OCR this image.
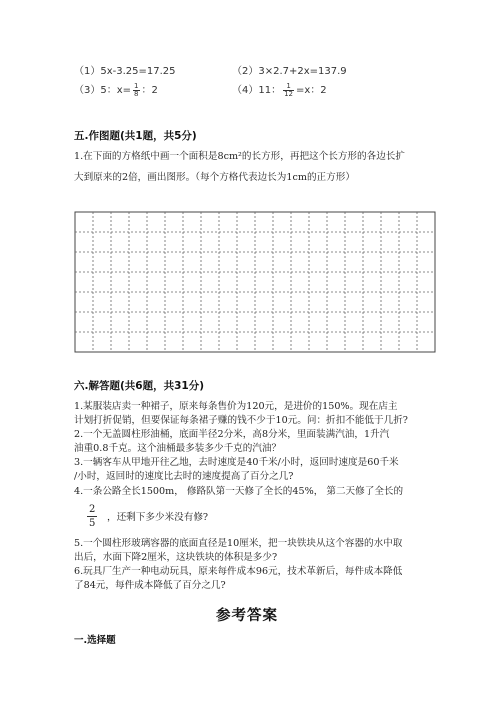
（1）5x-3.25=17.25	（2）3×2.7+2x=137.9
（3）5：$x= \frac{1}{8}$ ：2	（4）11： $\frac{1}{12} =x$：2
五.作图题(共1题，共5分)
1.在下面的方格纸中画一个面积是8cm²的长方形，再把这个长方形的各边长扩
大到原来的2倍，画出图形。（每个方格代表边长为1cm的正方形）
六.解答题(共6题，共31分)
1.某服装店卖一种裙子，原来每条售价为120元，是进价的150%。现在店主
计划打折促销，但要保证每条裙子赚的钱不少于10元。问：折扣不能低于几折?
2.一个无盖圆柱形油桶，底面半径2分米，高8分米，里面装满汽油，1升汽
油重0.8千克。这个油桶最多装多少千克的汽油？
3.一辆客车从甲地开往乙地，去时速度是40千米/小时，返回时速度是60千米
/小时，返回时的速度比去时的速度提高了百分之几?
4.一条公路全长1500m， 修路队第一天修了全长的45%， 第二天修了全长的
$\frac{2}{5}$ ，还剩下多少米没有修?
5.一个圆柱形玻璃容器的底面直径是10厘米，把一块铁块从这个容器的水中取
出后，水面下降2厘米，这块铁块的体积是多少?
6.玩具厂生产一种电动玩具，原来每件成本96元，技术革新后，每件成本降低
了84元，每件成本降低了百分之几?
参考答案
一.选择题
